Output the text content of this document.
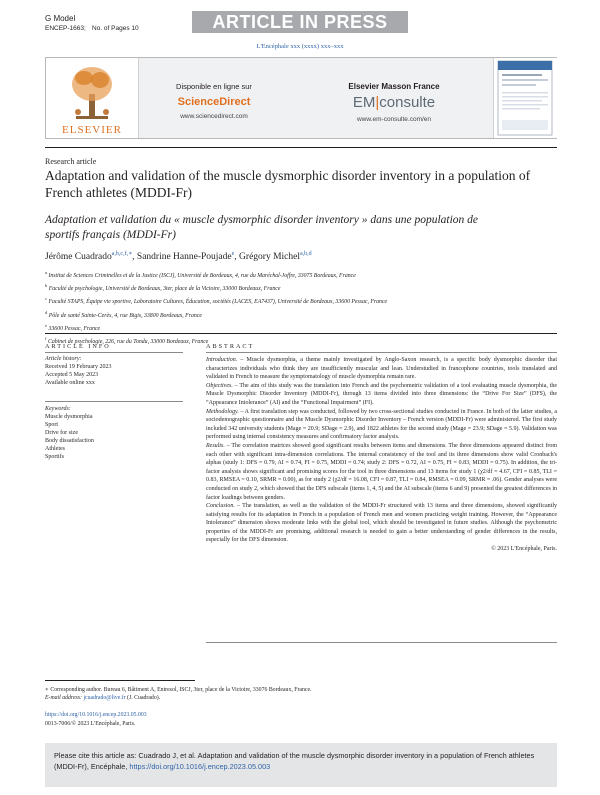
G Model
ENCEP-1663; No. of Pages 10	ARTICLE IN PRESS
L'Encéphale xxx (xxxx) xxx–xxx
ELSEVIER
Disponible en ligne sur
ScienceDirect
www.sciencedirect.com
Elsevier Masson France
EM|consulte
www.em-consulte.com/en
Research article
Adaptation and validation of the muscle dysmorphic disorder inventory in a population of French athletes (MDDI-Fr)
Adaptation et validation du « muscle dysmorphic disorder inventory » dans une population de sportifs français (MDDI-Fr)
Jérôme Cuadrado$^{a,b,c,f,∗}$, Sandrine Hanne-Poujade$^e$, Grégory Michel$^{a,b,d}$
$^a$ Institut de Sciences Criminelles et de la Justice (ISCJ), Université de Bordeaux, 4, rue du Maréchal-Joffre, 33075 Bordeaux, France
$^b$ Faculté de psychologie, Université de Bordeaux, 3ter, place de la Victoire, 33000 Bordeaux, France
$^c$ Faculté STAPS, Équipe vie sportive, Laboratoire Cultures, Éducation, sociétés (LACES, EA7437), Université de Bordeaux, 33600 Pessac, France
$^d$ Pôle de santé Sainte-Cerès, 4, rue Bigis, 33800 Bordeaux, France
$^e$ 33600 Pessac, France
$^f$ Cabinet de psychologie, 226, rue du Tondu, 33000 Bordeaux, France
ARTICLE INFO
Article history:
Received 19 February 2023
Accepted 5 May 2023
Available online xxx
Keywords:
Muscle dysmorphia
Sport
Drive for size
Body dissatisfaction
Athletes
Sportifs
ABSTRACT

Introduction. – Muscle dysmorphia, a theme mainly investigated by Anglo-Saxon research, is a specific body dysmorphic disorder that characterizes individuals who think they are insufficiently muscular and lean. Understudied in francophone countries, tools translated and validated in French to measure the symptomatology of muscle dysmorphia remain rare.

Objectives. – The aim of this study was the translation into French and the psychometric validation of a tool evaluating muscle dysmorphia, the Muscle Dysmorphic Disorder Inventory (MDDI-Fr), through 13 items divided into three dimensions: the “Drive For Size” (DFS), the “Appearance Intolerance” (AI) and the “Functional Impairment” (FI).

Methodology. – A first translation step was conducted, followed by two cross-sectional studies conducted in France. In both of the latter studies, a sociodemographic questionnaire and the Muscle Dysmorphic Disorder Inventory – French version (MDDI-Fr) were administered. The first study included 342 university students (Mage = 20.9; SDage = 2.9), and 1822 athletes for the second study (Mage = 23.9; SDage = 5.9). Validation was performed using internal consistency measures and confirmatory factor analysis.

Results. – The correlation matrices showed good significant results between items and dimensions. The three dimensions appeared distinct from each other with significant intra-dimension correlations. The internal consistency of the tool and its three dimensions show valid Cronbach's alphas (study 1: DFS = 0.79, AI = 0.74, FI = 0.75, MDDI = 0.74; study 2: DFS = 0.72, AI = 0.75, FI = 0.83, MDDI = 0.75). In addition, the tri-factor analysis shows significant and promising scores for the tool in three dimensions and 13 items for study 1 (χ2/df = 4.67, CFI = 0.85, TLI = 0.83, RMSEA = 0.10, SRMR = 0.00), as for study 2 (χ2/df = 16.08, CFI = 0.87, TLI = 0.84, RMSEA = 0.09, SRMR = .06). Gender analyses were conducted on study 2, which showed that the DFS subscale (items 1, 4, 5) and the AI subscale (items 6 and 9) presented the greatest differences in factor loadings between genders.

Conclusion. – The translation, as well as the validation of the MDDI-Fr structured with 13 items and three dimensions, showed significantly satisfying results for its adaptation in French in a population of French men and women practicing weight training. However, the “Appearance Intolerance” dimension shows moderate links with the global tool, which should be investigated in future studies. Although the psychometric properties of the MDDI-Fr are promising, additional research is needed to gain a better understanding of gender differences in the results, especially for the DFS dimension.

© 2023 L'Encéphale, Paris.

∗ Corresponding author. Bureau 6, Bâtiment A, Entresol, ISCJ, 3ter, place de la Victoire, 33076 Bordeaux, France.
E-mail address: jcuadrado@live.fr (J. Cuadrado).
https://doi.org/10.1016/j.encep.2023.05.003
0013-7006/© 2023 L'Encéphale, Paris.
Please cite this article as: Cuadrado J, et al. Adaptation and validation of the muscle dysmorphic disorder inventory in a population of French athletes (MDDI-Fr), Encéphale, https://doi.org/10.1016/j.encep.2023.05.003
